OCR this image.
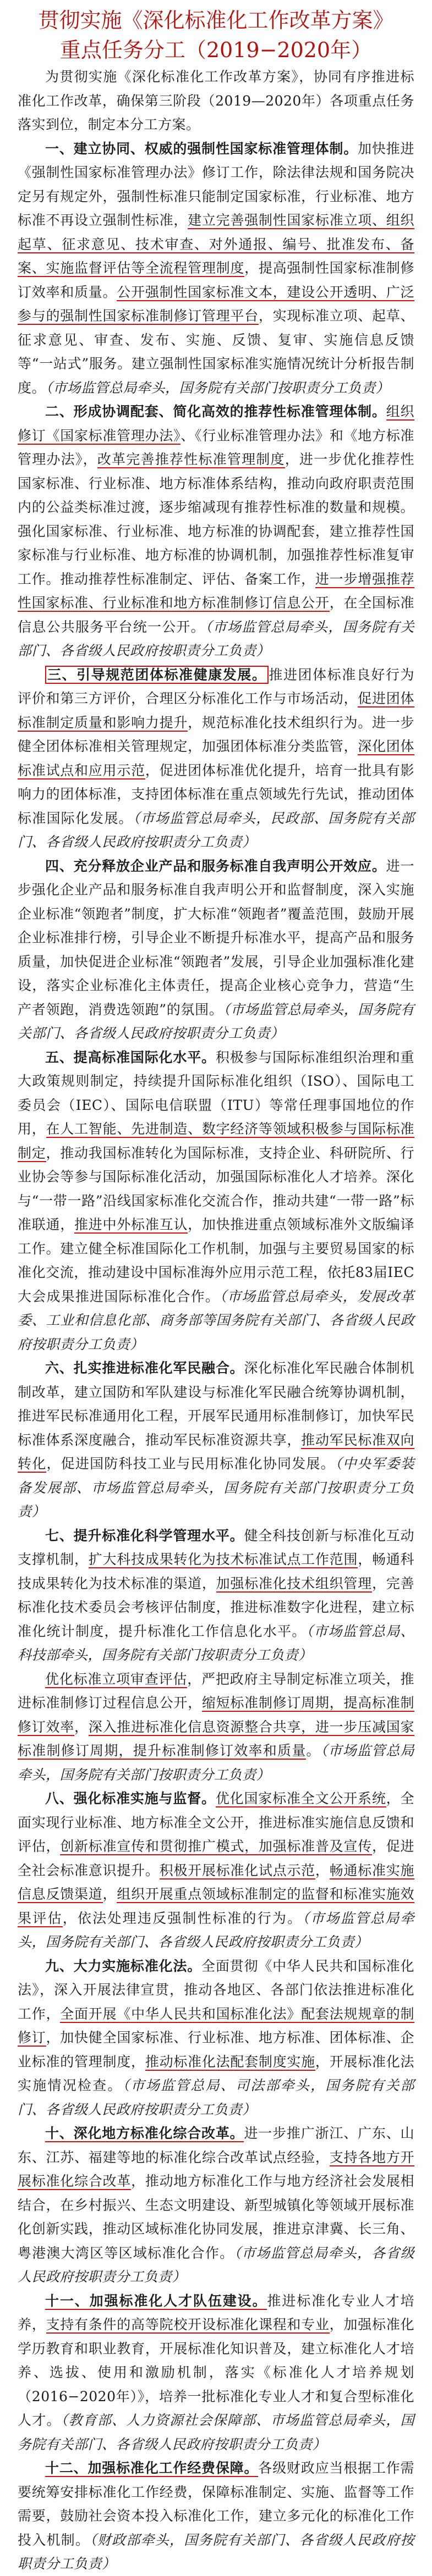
贯彻实施《深化标准化工作改革方案》
重点任务分工（2019−2020年）

为贯彻实施《深化标准化工作改革方案》，协同有序推进标准化工作改革，确保第三阶段（2019—2020年）各项重点任务落实到位，制定本分工方案。

一、建立协同、权威的强制性国家标准管理体制。加快推进《强制性国家标准管理办法》修订工作，除法律法规和国务院决定另有规定外，强制性标准只能制定国家标准，行业标准、地方标准不再设立强制性标准，建立完善强制性国家标准立项、组织起草、征求意见、技术审查、对外通报、编号、批准发布、备案、实施监督评估等全流程管理制度，提高强制性国家标准制修订效率和质量。公开强制性国家标准文本，建设公开透明、广泛参与的强制性国家标准制修订管理平台，实现标准立项、起草、征求意见、审查、发布、实施、反馈、复审、实施信息反馈等“一站式”服务。建立强制性国家标准实施情况统计分析报告制度。（市场监管总局牵头，国务院有关部门按职责分工负责）

二、形成协调配套、简化高效的推荐性标准管理体制。组织修订《国家标准管理办法》、《行业标准管理办法》和《地方标准管理办法》，改革完善推荐性标准管理制度，进一步优化推荐性国家标准、行业标准、地方标准体系结构，推动向政府职责范围内的公益类标准过渡，逐步缩减现有推荐性标准的数量和规模。强化国家标准、行业标准、地方标准的协调配套，建立推荐性国家标准与行业标准、地方标准的协调机制，加强推荐性标准复审工作。推动推荐性标准制定、评估、备案工作，进一步增强推荐性国家标准、行业标准和地方标准制修订信息公开，在全国标准信息公共服务平台统一公开。（市场监管总局牵头，国务院有关部门、各省级人民政府按职责分工负责）

三、引导规范团体标准健康发展。 推进团体标准良好行为评价和第三方评价，合理区分标准化工作与市场活动，促进团体标准制定质量和影响力提升，规范标准化技术组织行为。进一步健全团体标准相关管理规定，加强团体标准分类监管，深化团体标准试点和应用示范，促进团体标准优化提升，培育一批具有影响力的团体标准，支持团体标准在重点领域先行先试，推动团体标准国际化发展。（市场监管总局牵头，民政部、国务院有关部门、各省级人民政府按职责分工负责）

四、充分释放企业产品和服务标准自我声明公开效应。进一步强化企业产品和服务标准自我声明公开和监督制度，深入实施企业标准“领跑者”制度，扩大标准“领跑者”覆盖范围，鼓励开展企业标准排行榜，引导企业不断提升标准水平，提高产品和服务质量，加快促进企业标准“领跑者”发展，引导企业加强标准化建设，落实企业标准化主体责任，提高企业核心竞争力，营造“生产者领跑，消费选领跑”的氛围。（市场监管总局牵头，国务院有关部门、各省级人民政府按职责分工负责）

五、提高标准国际化水平。积极参与国际标准组织治理和重大政策规则制定，持续提升国际标准化组织（ISO）、国际电工委员会（IEC）、国际电信联盟（ITU）等常任理事国地位的作用，在人工智能、先进制造、数字经济等领域积极参与国际标准制定，推动我国标准转化为国际标准，支持企业、科研院所、行业协会等参与国际标准化活动，加强国际标准化人才培养。深化与“一带一路”沿线国家标准化交流合作，推动共建“一带一路”标准联通，推进中外标准互认，加快推进重点领域标准外文版编译工作。建立健全标准国际化工作机制，加强与主要贸易国家的标准化交流，推动建设中国标准海外应用示范工程，依托83届IEC大会成果推进国际标准化合作。（市场监管总局牵头，发展改革委、工业和信息化部、商务部等国务院有关部门、各省级人民政府按职责分工负责）

六、扎实推进标准化军民融合。深化标准化军民融合体制机制改革，建立国防和军队建设与标准化军民融合统筹协调机制，推进军民标准通用化工程，开展军民通用标准制修订，加快军民标准体系深度融合，推动军民标准资源共享，推动军民标准双向转化，促进国防科技工业与民用标准化协同发展。（中央军委装备发展部、市场监管总局牵头，国务院有关部门按职责分工负责）

七、提升标准化科学管理水平。健全科技创新与标准化互动支撑机制，扩大科技成果转化为技术标准试点工作范围，畅通科技成果转化为技术标准的渠道，加强标准化技术组织管理，完善标准化技术委员会考核评估制度，推进标准数字化进程，建立标准化统计制度，提升标准化工作信息化水平。（市场监管总局、科技部牵头，国务院有关部门按职责分工负责）

优化标准立项审查评估，严把政府主导制定标准立项关，推进标准制修订过程信息公开，缩短标准制修订周期，提高标准制修订效率，深入推进标准化信息资源整合共享，进一步压减国家标准制修订周期，提升标准制修订效率和质量。（市场监管总局牵头，国务院有关部门按职责分工负责）

八、强化标准实施与监督。优化国家标准全文公开系统，全面实现行业标准、地方标准全文公开，推进标准实施信息反馈和评估，创新标准宣传和贯彻推广模式，加强标准普及宣传，促进全社会标准意识提升。积极开展标准化试点示范，畅通标准实施信息反馈渠道，组织开展重点领域标准制定的监督和标准实施效果评估，依法处理违反强制性标准的行为。（市场监管总局牵头，国务院有关部门、各省级人民政府按职责分工负责）

九、大力实施标准化法。全面贯彻《中华人民共和国标准化法》，深入开展法律宣贯，推动各地区、各部门依法推进标准化工作，全面开展《中华人民共和国标准化法》配套法规规章的制修订，加快健全国家标准、行业标准、地方标准、团体标准、企业标准的管理制度，推动标准化法配套制度实施，开展标准化法实施情况检查。（市场监管总局、司法部牵头，国务院有关部门、各省级人民政府按职责分工负责）

十、深化地方标准化综合改革。进一步推广浙江、广东、山东、江苏、福建等地的标准化综合改革试点经验，支持各地方开展标准化综合改革，推动地方标准化工作与地方经济社会发展相结合，在乡村振兴、生态文明建设、新型城镇化等领域开展标准化创新实践，推动区域标准化协同发展，推进京津冀、长三角、粤港澳大湾区等区域标准化合作。（市场监管总局牵头，各省级人民政府按职责分工负责）

十一、加强标准化人才队伍建设。推进标准化专业人才培养，支持有条件的高等院校开设标准化课程和专业，加强标准化学历教育和职业教育，开展标准化知识普及，建立标准化人才培养、选拔、使用和激励机制，落实《标准化人才培养规划（2016−2020年）》，培养一批标准化专业人才和复合型标准化人才。（教育部、人力资源社会保障部、市场监管总局牵头，国务院有关部门、各省级人民政府按职责分工负责）

十二、加强标准化工作经费保障。各级财政应当根据工作需要统筹安排标准化工作经费，保障标准制定、实施、监督等工作需要，鼓励社会资本投入标准化工作，建立多元化的标准化工作投入机制。（财政部牵头，国务院有关部门、各省级人民政府按职责分工负责）
